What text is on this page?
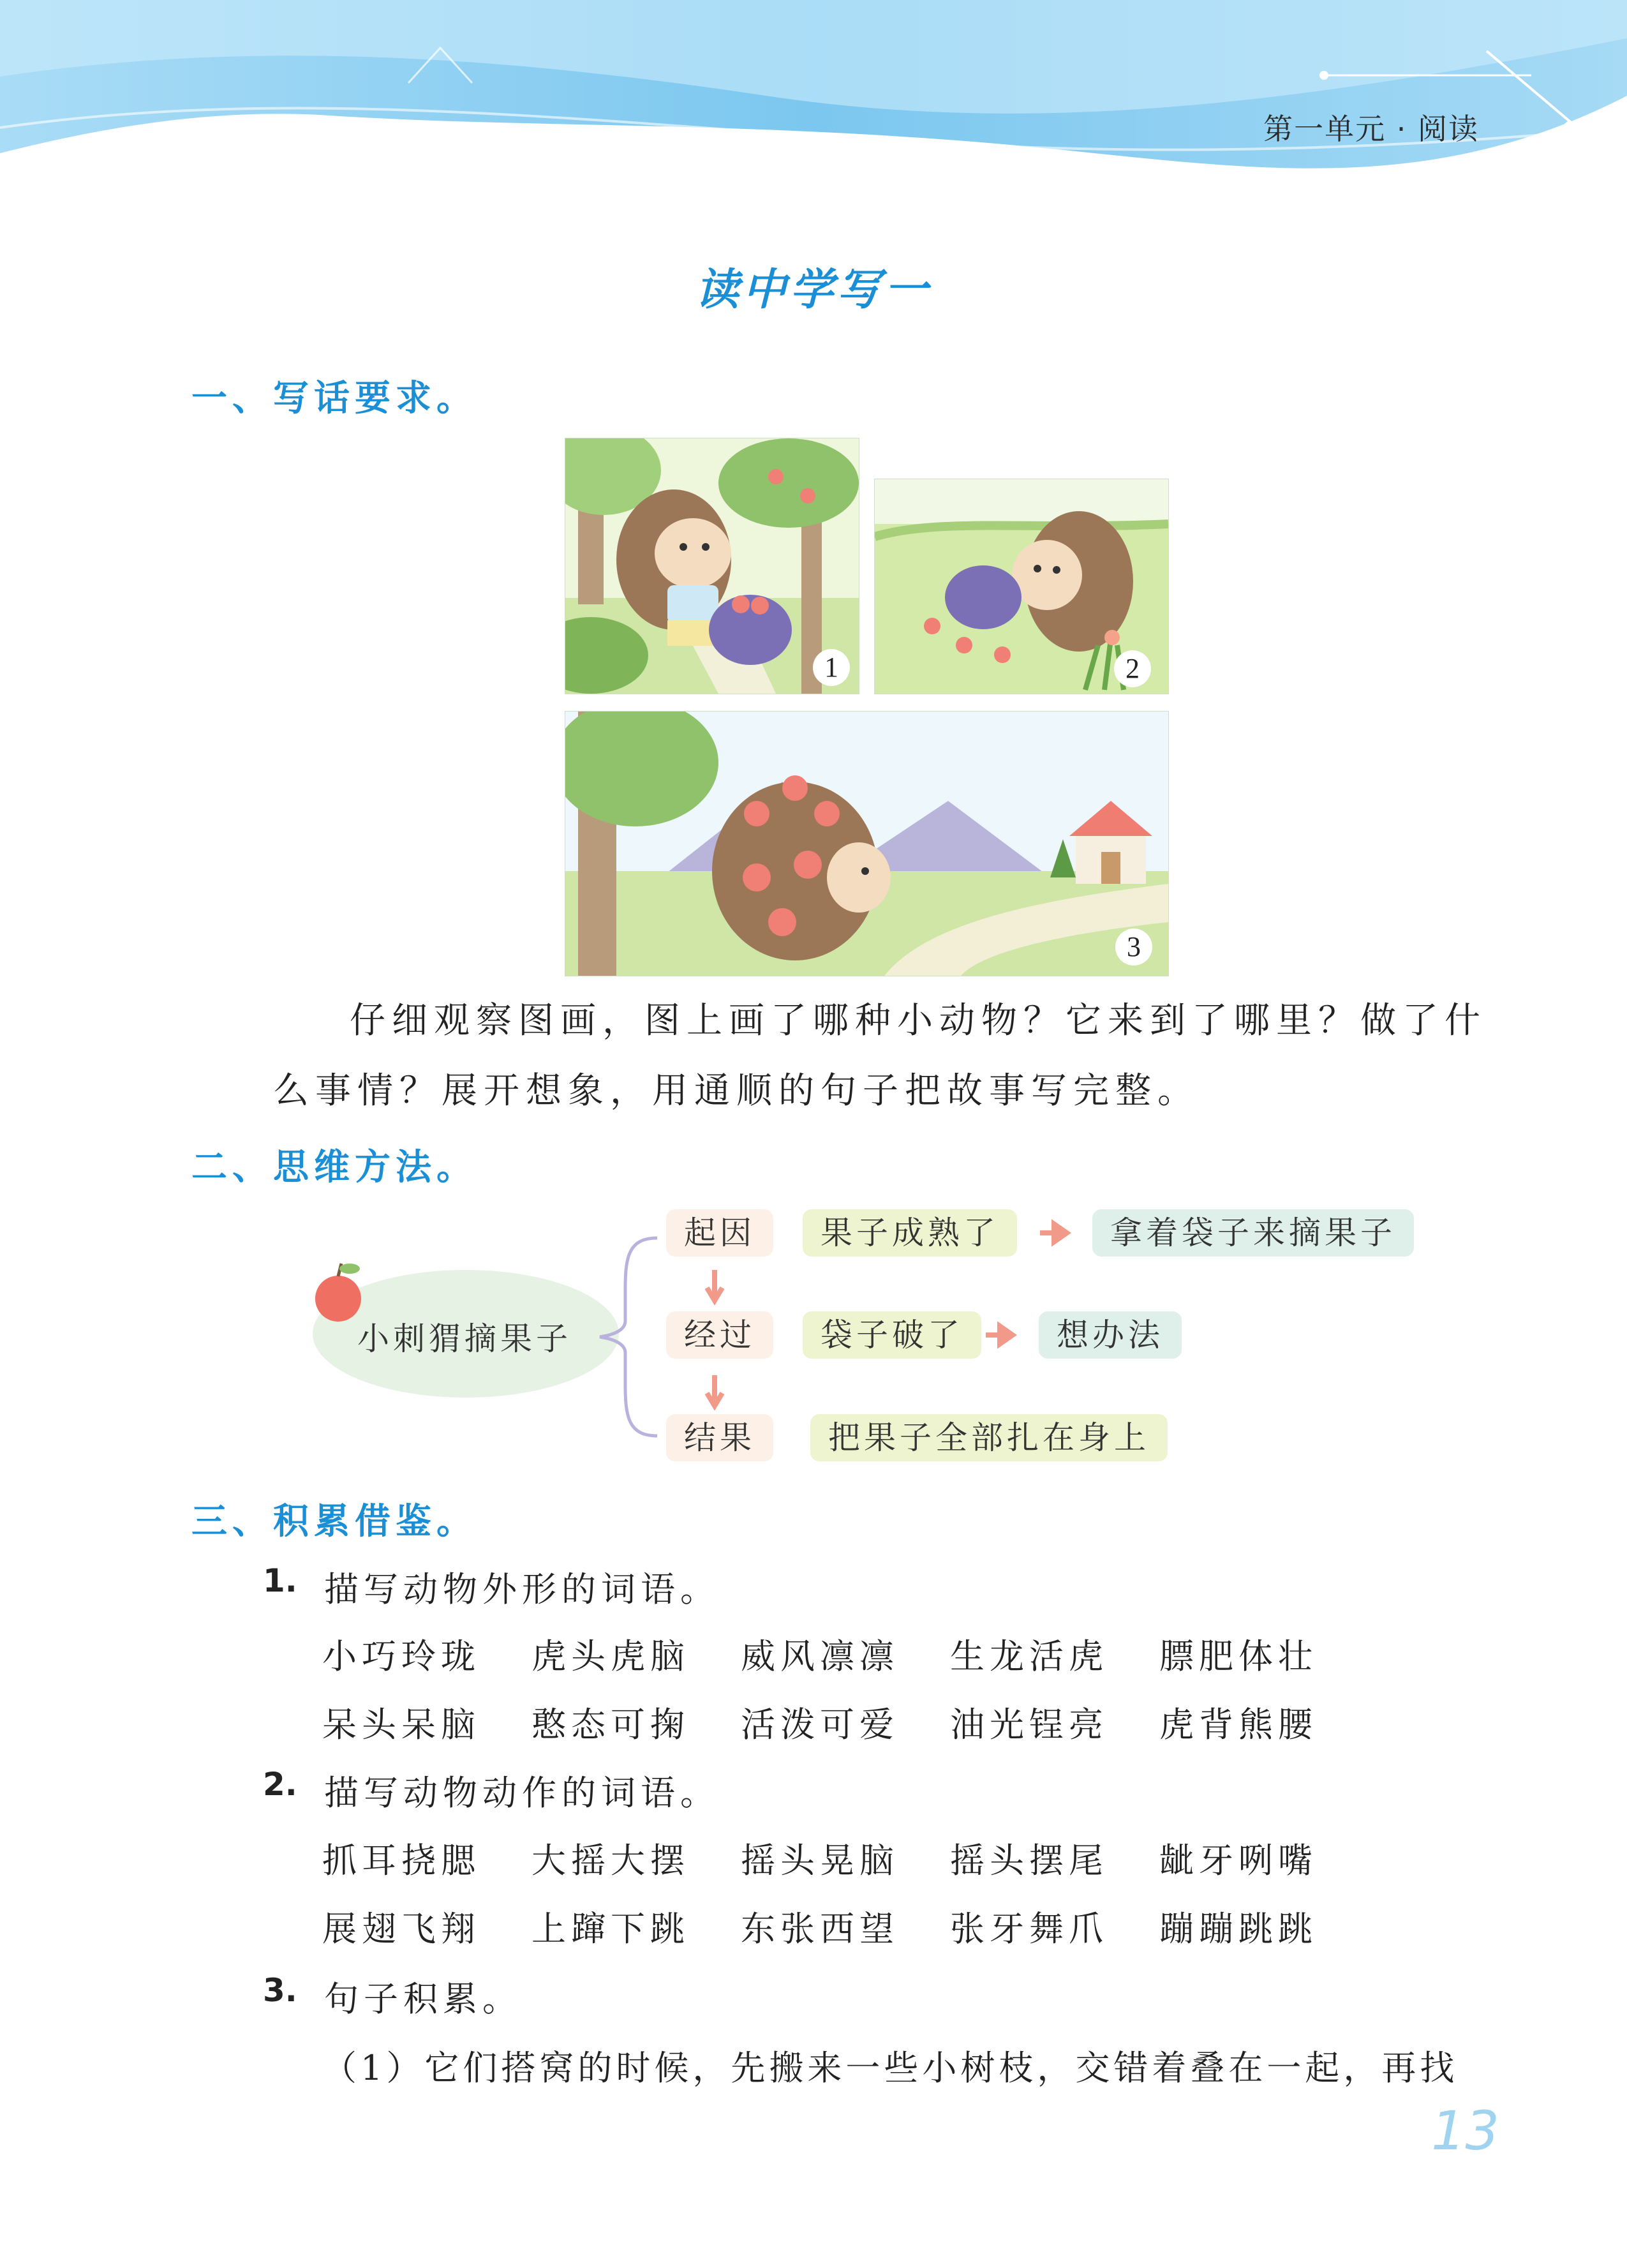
第一单元 · 阅读
读中学写一
一、写话要求。
1	2
3
仔细观察图画，图上画了哪种小动物？它来到了哪里？做了什
么事情？展开想象，用通顺的句子把故事写完整。
二、思维方法。
小刺猬摘果子
起因
经过
结果
果子成熟了	拿着袋子来摘果子
袋子破了	想办法
把果子全部扎在身上
三、积累借鉴。
1. 描写动物外形的词语。
小巧玲珑 虎头虎脑 威风凛凛 生龙活虎 膘肥体壮
呆头呆脑 憨态可掬 活泼可爱 油光锃亮 虎背熊腰
2. 描写动物动作的词语。
抓耳挠腮 大摇大摆 摇头晃脑 摇头摆尾 龇牙咧嘴
展翅飞翔 上蹿下跳 东张西望 张牙舞爪 蹦蹦跳跳
3. 句子积累。
（1）它们搭窝的时候，先搬来一些小树枝，交错着叠在一起，再找
13
